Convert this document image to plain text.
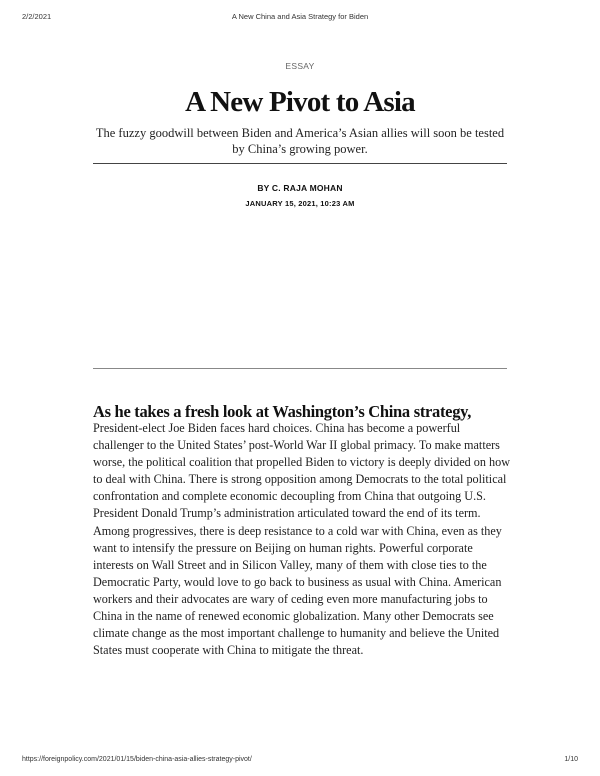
2/2/2021	A New China and Asia Strategy for Biden
ESSAY
A New Pivot to Asia
The fuzzy goodwill between Biden and America’s Asian allies will soon be tested by China’s growing power.
BY C. RAJA MOHAN
JANUARY 15, 2021, 10:23 AM
As he takes a fresh look at Washington’s China strategy,

President-elect Joe Biden faces hard choices. China has become a powerful challenger to the United States’ post-World War II global primacy. To make matters worse, the political coalition that propelled Biden to victory is deeply divided on how to deal with China. There is strong opposition among Democrats to the total political confrontation and complete economic decoupling from China that outgoing U.S. President Donald Trump’s administration articulated toward the end of its term. Among progressives, there is deep resistance to a cold war with China, even as they want to intensify the pressure on Beijing on human rights. Powerful corporate interests on Wall Street and in Silicon Valley, many of them with close ties to the Democratic Party, would love to go back to business as usual with China. American workers and their advocates are wary of ceding even more manufacturing jobs to China in the name of renewed economic globalization. Many other Democrats see climate change as the most important challenge to humanity and believe the United States must cooperate with China to mitigate the threat.

https://foreignpolicy.com/2021/01/15/biden-china-asia-allies-strategy-pivot/	1/10
